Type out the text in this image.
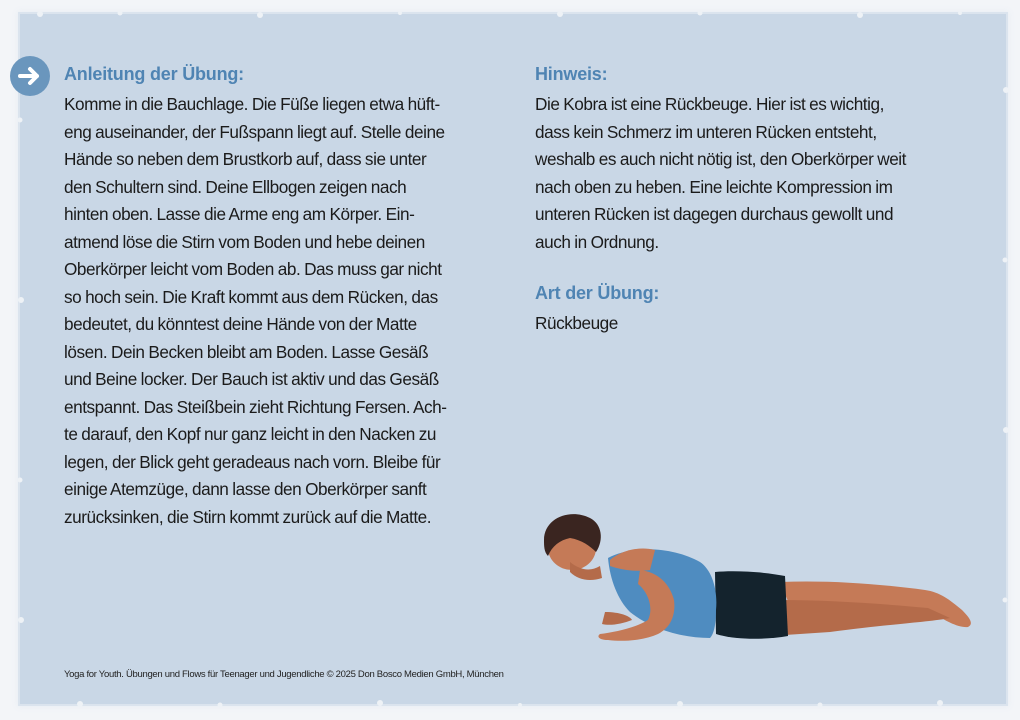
Anleitung der Übung:
Komme in die Bauchlage. Die Füße liegen etwa hüft-
eng auseinander, der Fußspann liegt auf. Stelle deine
Hände so neben dem Brustkorb auf, dass sie unter
den Schultern sind. Deine Ellbogen zeigen nach
hinten oben. Lasse die Arme eng am Körper. Ein-
atmend löse die Stirn vom Boden und hebe deinen
Oberkörper leicht vom Boden ab. Das muss gar nicht
so hoch sein. Die Kraft kommt aus dem Rücken, das
bedeutet, du könntest deine Hände von der Matte
lösen. Dein Becken bleibt am Boden. Lasse Gesäß
und Beine locker. Der Bauch ist aktiv und das Gesäß
entspannt. Das Steißbein zieht Richtung Fersen. Ach-
te darauf, den Kopf nur ganz leicht in den Nacken zu
legen, der Blick geht geradeaus nach vorn. Bleibe für
einige Atemzüge, dann lasse den Oberkörper sanft
zurücksinken, die Stirn kommt zurück auf die Matte.
Hinweis:
Die Kobra ist eine Rückbeuge. Hier ist es wichtig,
dass kein Schmerz im unteren Rücken entsteht,
weshalb es auch nicht nötig ist, den Oberkörper weit
nach oben zu heben. Eine leichte Kompression im
unteren Rücken ist dagegen durchaus gewollt und
auch in Ordnung.
Art der Übung:
Rückbeuge
Yoga for Youth. Übungen und Flows für Teenager und Jugendliche © 2025 Don Bosco Medien GmbH, München
